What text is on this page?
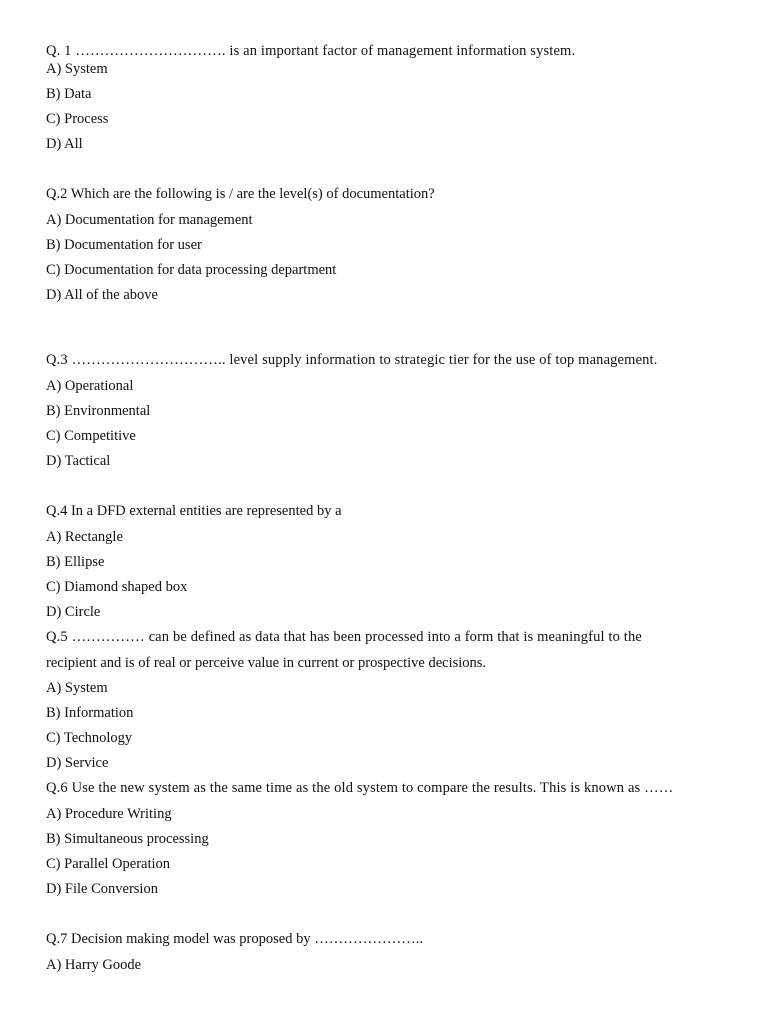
Q. 1 …………………………. is an important factor of management information system.
A) System
B) Data
C) Process
D) All
Q.2 Which are the following is / are the level(s) of documentation?
A) Documentation for management
B) Documentation for user
C) Documentation for data processing department
D) All of the above
Q.3 ………………………….. level supply information to strategic tier for the use of top management.
A) Operational
B) Environmental
C) Competitive
D) Tactical
Q.4 In a DFD external entities are represented by a
A) Rectangle
B) Ellipse
C) Diamond shaped box
D) Circle
Q.5 …………… can be defined as data that has been processed into a form that is meaningful to the
recipient and is of real or perceive value in current or prospective decisions.
A) System
B) Information
C) Technology
D) Service
Q.6 Use the new system as the same time as the old system to compare the results. This is known as ……
A) Procedure Writing
B) Simultaneous processing
C) Parallel Operation
D) File Conversion
Q.7 Decision making model was proposed by …………………..
A) Harry Goode
